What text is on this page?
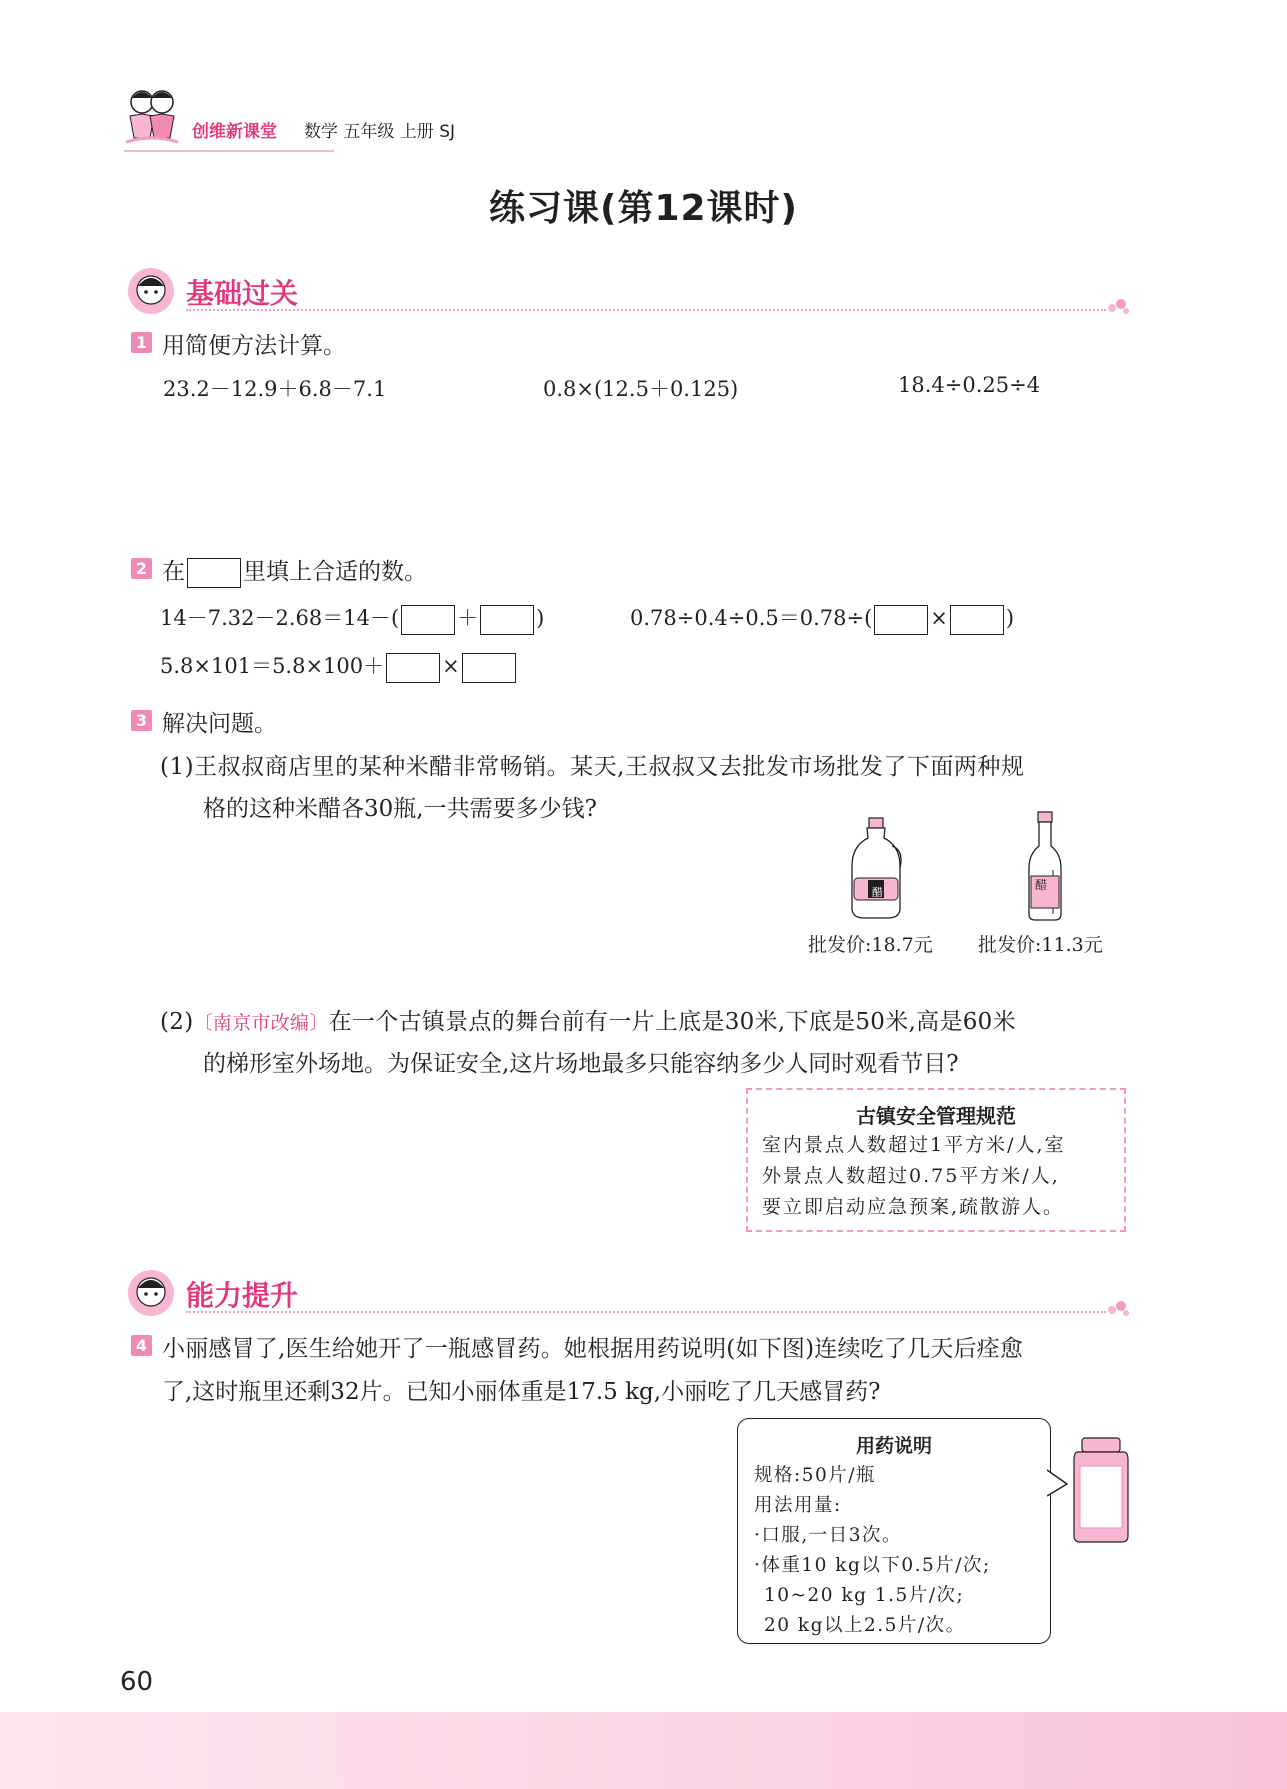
创维新课堂 数学 五年级 上册 SJ
练习课(第12课时)
基础过关
1 用简便方法计算。
23.2－12.9＋6.8－7.1	0.8×(12.5＋0.125)	18.4÷0.25÷4
2 在	里填上合适的数。
14－7.32－2.68＝14－(	＋	)	0.78÷0.4÷0.5＝0.78÷(	×	)
5.8×101＝5.8×100＋	×
3 解决问题。
(1)王叔叔商店里的某种米醋非常畅销。某天,王叔叔又去批发市场批发了下面两种规
格的这种米醋各30瓶,一共需要多少钱?
醋
醋
批发价:18.7元 批发价:11.3元
(2)〔南京市改编〕在一个古镇景点的舞台前有一片上底是30米,下底是50米,高是60米
的梯形室外场地。为保证安全,这片场地最多只能容纳多少人同时观看节目?
古镇安全管理规范
室内景点人数超过1平方米/人,室
外景点人数超过0.75平方米/人,
要立即启动应急预案,疏散游人。
能力提升
4 小丽感冒了,医生给她开了一瓶感冒药。她根据用药说明(如下图)连续吃了几天后痊愈
了,这时瓶里还剩32片。已知小丽体重是17.5 kg,小丽吃了几天感冒药?
用药说明
规格:50片/瓶
用法用量:
·口服,一日3次。
·体重10 kg以下0.5片/次;
10~20 kg 1.5片/次;
20 kg以上2.5片/次。
60
